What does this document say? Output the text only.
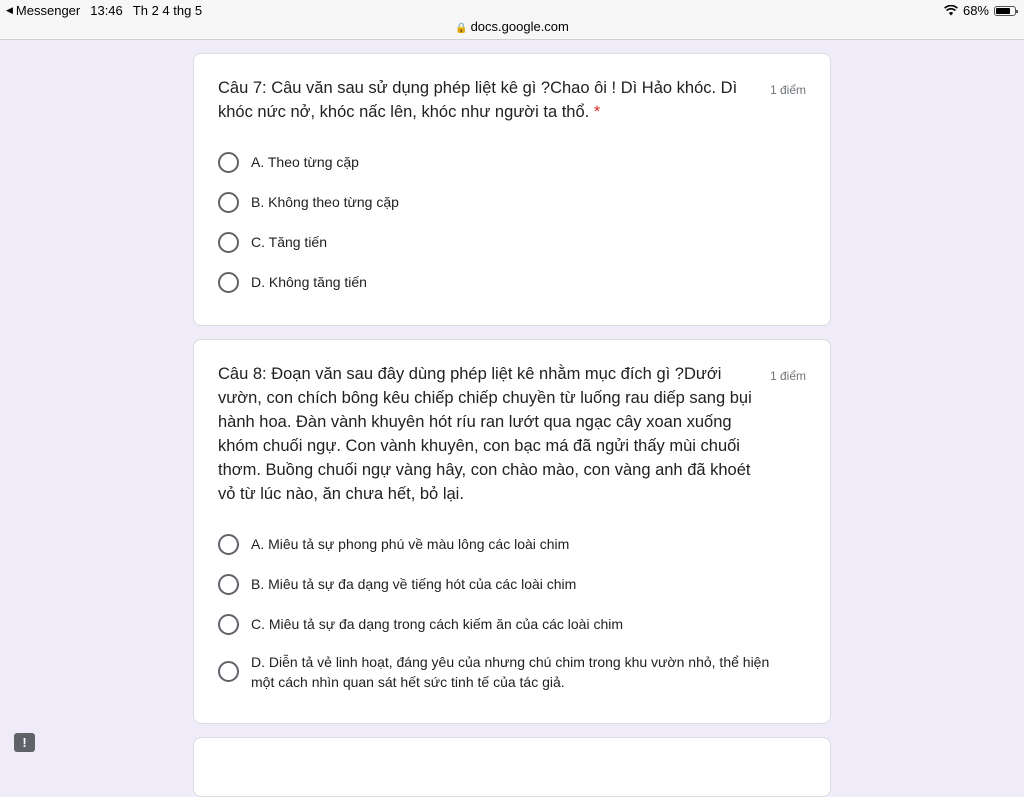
◀ Messenger 13:46 Th 2 4 thg 5	68%
🔒 docs.google.com
Câu 7: Câu văn sau sử dụng phép liệt kê gì ?Chao ôi ! Dì Hảo khóc. Dì khóc nức nở, khóc nấc lên, khóc như người ta thổ. *
1 điểm
A. Theo từng cặp
B. Không theo từng cặp
C. Tăng tiến
D. Không tăng tiến
Câu 8: Đoạn văn sau đây dùng phép liệt kê nhằm mục đích gì ?Dưới vườn, con chích bông kêu chiếp chiếp chuyền từ luống rau diếp sang bụi hành hoa. Đàn vành khuyên hót ríu ran lướt qua ngạc cây xoan xuống khóm chuối ngự. Con vành khuyên, con bạc má đã ngửi thấy mùi chuối thơm. Buồng chuối ngự vàng hây, con chào mào, con vàng anh đã khoét vỏ từ lúc nào, ăn chưa hết, bỏ lại.
1 điểm
A. Miêu tả sự phong phú về màu lông các loài chim
B. Miêu tả sự đa dạng về tiếng hót của các loài chim
C. Miêu tả sự đa dạng trong cách kiếm ăn của các loài chim
D. Diễn tả vẻ linh hoạt, đáng yêu của nhưng chú chim trong khu vườn nhỏ, thể hiện một cách nhìn quan sát hết sức tinh tế của tác giả.
!
